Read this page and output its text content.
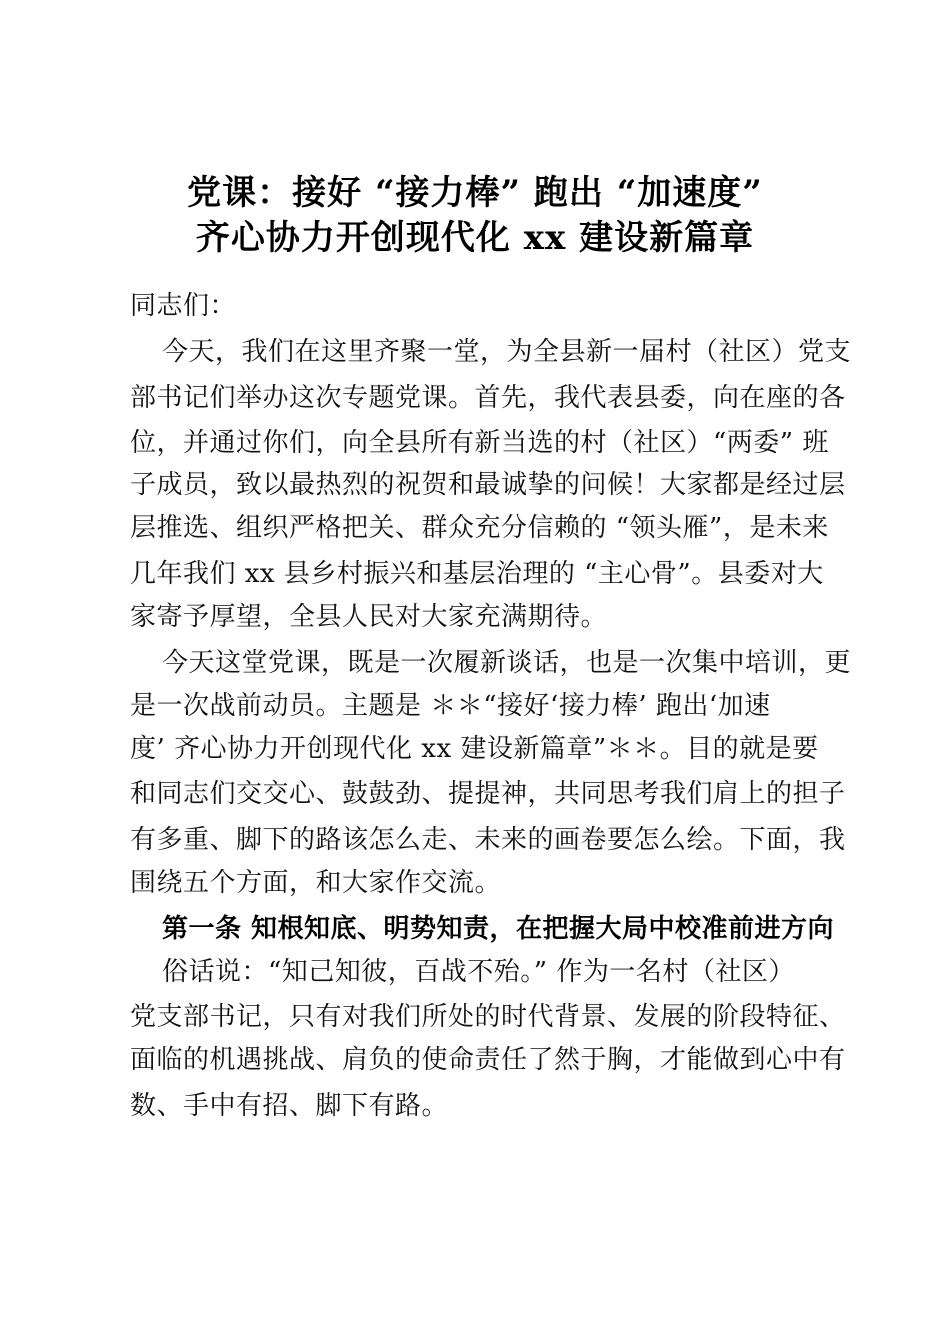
党课：接好 “接力棒” 跑出 “加速度”
齐心协力开创现代化 xx 建设新篇章
同志们：
今天，我们在这里齐聚一堂，为全县新一届村（社区）党支
部书记们举办这次专题党课。首先，我代表县委，向在座的各
位，并通过你们，向全县所有新当选的村（社区）“两委” 班
子成员，致以最热烈的祝贺和最诚挚的问候！大家都是经过层
层推选、组织严格把关、群众充分信赖的 “领头雁”，是未来
几年我们 xx 县乡村振兴和基层治理的 “主心骨”。县委对大
家寄予厚望，全县人民对大家充满期待。
今天这堂党课，既是一次履新谈话，也是一次集中培训，更
是一次战前动员。主题是 ＊＊“接好‘接力棒’ 跑出‘加速
度’ 齐心协力开创现代化 xx 建设新篇章”＊＊。目的就是要
和同志们交交心、鼓鼓劲、提提神，共同思考我们肩上的担子
有多重、脚下的路该怎么走、未来的画卷要怎么绘。下面，我
围绕五个方面，和大家作交流。
第一条 知根知底、明势知责，在把握大局中校准前进方向
俗话说：“知己知彼，百战不殆。” 作为一名村（社区）
党支部书记，只有对我们所处的时代背景、发展的阶段特征、
面临的机遇挑战、肩负的使命责任了然于胸，才能做到心中有
数、手中有招、脚下有路。
